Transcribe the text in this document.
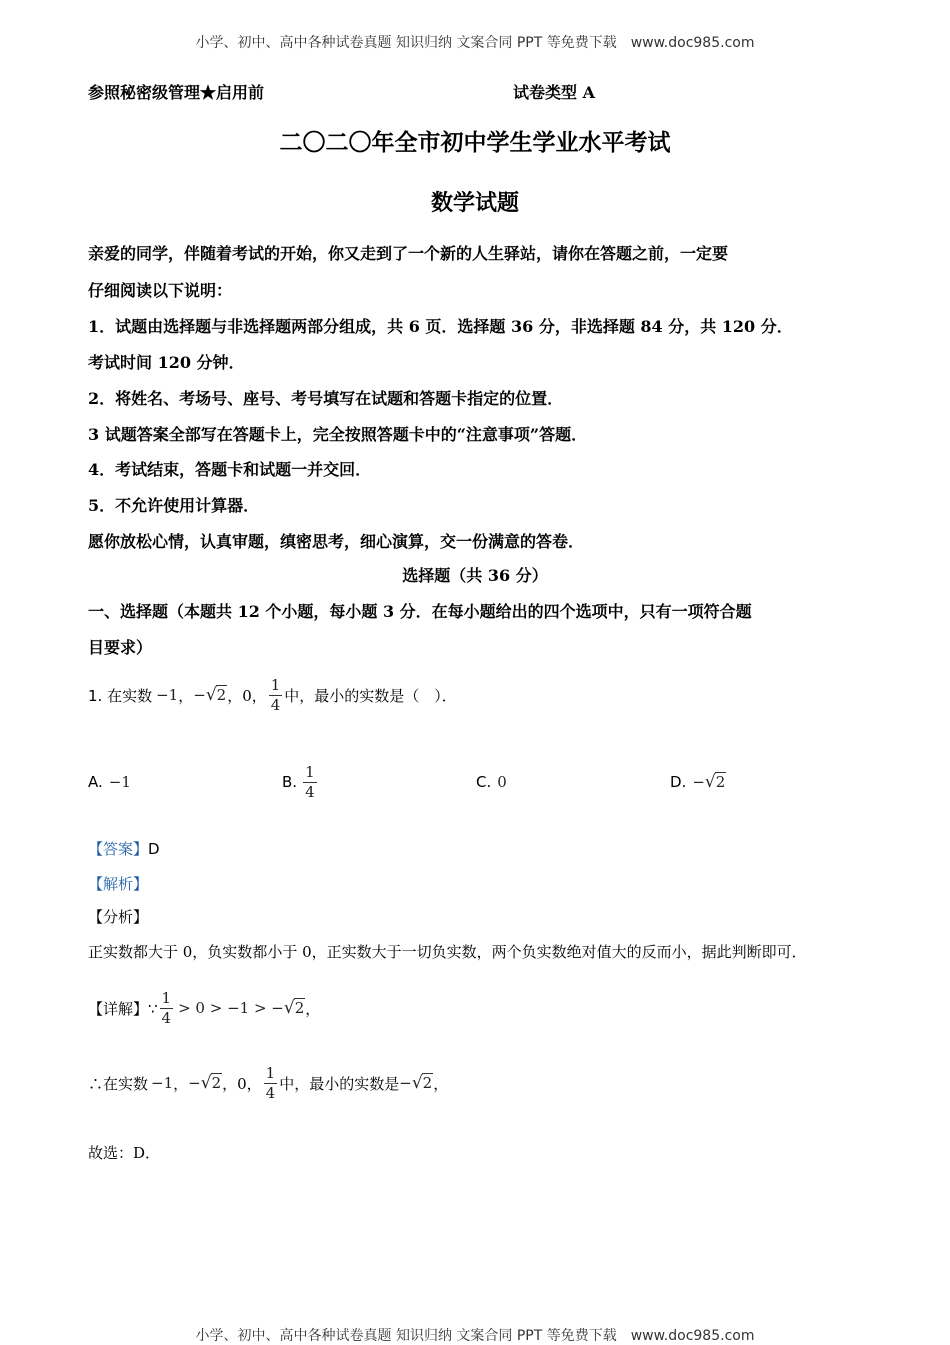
小学、初中、高中各种试卷真题 知识归纳 文案合同 PPT 等免费下载　www.doc985.com
小学、初中、高中各种试卷真题 知识归纳 文案合同 PPT 等免费下载　www.doc985.com
参照秘密级管理★启用前	试卷类型 A
二〇二〇年全市初中学生学业水平考试
数学试题
亲爱的同学，伴随着考试的开始，你又走到了一个新的人生驿站，请你在答题之前，一定要
仔细阅读以下说明：
1．试题由选择题与非选择题两部分组成，共 6 页．选择题 36 分，非选择题 84 分，共 120 分．
考试时间 120 分钟．
2．将姓名、考场号、座号、考号填写在试题和答题卡指定的位置．
3 试题答案全部写在答题卡上，完全按照答题卡中的“注意事项”答题．
4．考试结束，答题卡和试题一并交回．
5．不允许使用计算器．
愿你放松心情，认真审题，缜密思考，细心演算，交一份满意的答卷．
选择题（共 36 分）
一、选择题（本题共 12 个小题，每小题 3 分．在每小题给出的四个选项中，只有一项符合题
目要求）
1. 在实数 −1 ， − √2 ，0， $\frac{1}{4}$ 中，最小的实数是（　）．
A. −1	B. $\frac{1}{4}$	C. 0	D. − √2
【答案】D
【解析】
【分析】
正实数都大于 0，负实数都小于 0，正实数大于一切负实数，两个负实数绝对值大的反而小，据此判断即可．
【详解】∵ $\frac{1}{4} > 0 > -1$ > − √2 ，
∴在实数 −1 ， − √2 ，0， $\frac{1}{4}$ 中，最小的实数是 − √2 ，
故选：D．
